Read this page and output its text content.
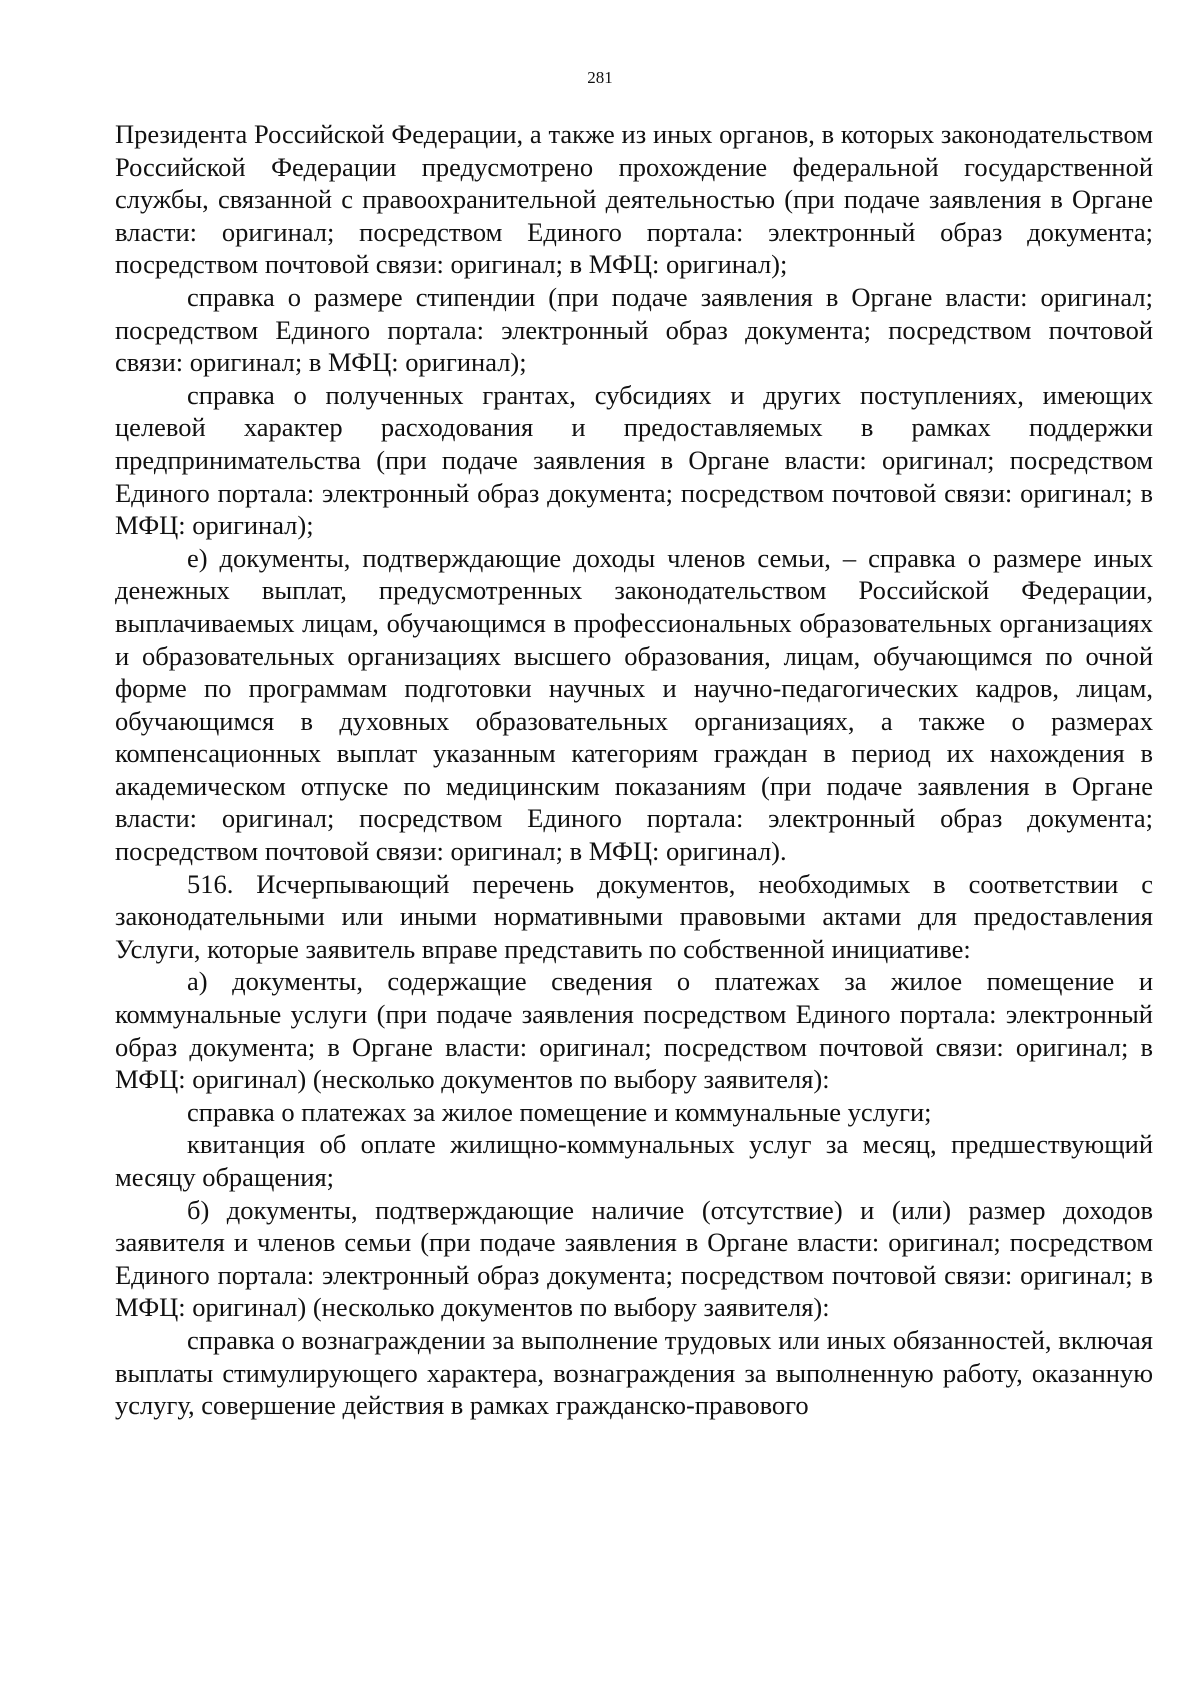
281

Президента Российской Федерации, а также из иных органов, в которых законодательством Российской Федерации предусмотрено прохождение федеральной государственной службы, связанной с правоохранительной деятельностью (при подаче заявления в Органе власти: оригинал; посредством Единого портала: электронный образ документа; посредством почтовой связи: оригинал; в МФЦ: оригинал);

справка о размере стипендии (при подаче заявления в Органе власти: оригинал; посредством Единого портала: электронный образ документа; посредством почтовой связи: оригинал; в МФЦ: оригинал);

справка о полученных грантах, субсидиях и других поступлениях, имеющих целевой характер расходования и предоставляемых в рамках поддержки предпринимательства (при подаче заявления в Органе власти: оригинал; посредством Единого портала: электронный образ документа; посредством почтовой связи: оригинал; в МФЦ: оригинал);

е) документы, подтверждающие доходы членов семьи, – справка о размере иных денежных выплат, предусмотренных законодательством Российской Федерации, выплачиваемых лицам, обучающимся в профессиональных образовательных организациях и образовательных организациях высшего образования, лицам, обучающимся по очной форме по программам подготовки научных и научно-педагогических кадров, лицам, обучающимся в духовных образовательных организациях, а также о размерах компенсационных выплат указанным категориям граждан в период их нахождения в академическом отпуске по медицинским показаниям (при подаче заявления в Органе власти: оригинал; посредством Единого портала: электронный образ документа; посредством почтовой связи: оригинал; в МФЦ: оригинал).

516. Исчерпывающий перечень документов, необходимых в соответствии с законодательными или иными нормативными правовыми актами для предоставления Услуги, которые заявитель вправе представить по собственной инициативе:

а) документы, содержащие сведения о платежах за жилое помещение и коммунальные услуги (при подаче заявления посредством Единого портала: электронный образ документа; в Органе власти: оригинал; посредством почтовой связи: оригинал; в МФЦ: оригинал) (несколько документов по выбору заявителя):

справка о платежах за жилое помещение и коммунальные услуги;

квитанция об оплате жилищно-коммунальных услуг за месяц, предшествующий месяцу обращения;

б) документы, подтверждающие наличие (отсутствие) и (или) размер доходов заявителя и членов семьи (при подаче заявления в Органе власти: оригинал; посредством Единого портала: электронный образ документа; посредством почтовой связи: оригинал; в МФЦ: оригинал) (несколько документов по выбору заявителя):

справка о вознаграждении за выполнение трудовых или иных обязанностей, включая выплаты стимулирующего характера, вознаграждения за выполненную работу, оказанную услугу, совершение действия в рамках гражданско-правового
